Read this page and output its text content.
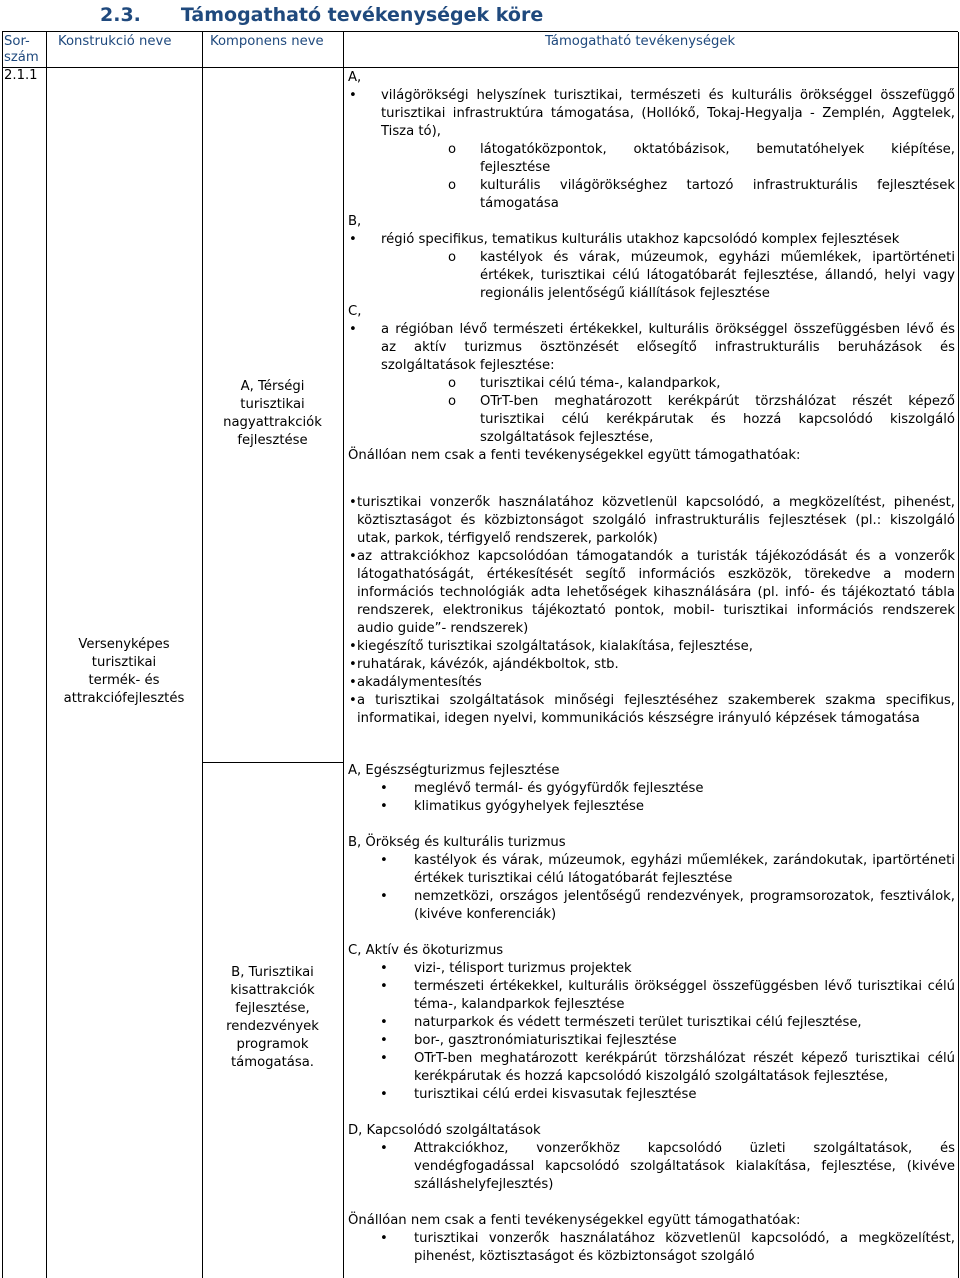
2.3. Támogatható tevékenységek köre
Sor-
szám
Konstrukció neve	Komponens neve	Támogatható tevékenységek
2.1.1
Versenyképes
turisztikai
termék- és
attrakciófejlesztés
A, Térségi
turisztikai
nagyattrakciók
fejlesztése
B, Turisztikai
kisattrakciók
fejlesztése,
rendezvények
programok
támogatása.

A,

• világörökségi helyszínek turisztikai, természeti és kulturális örökséggel összefüggő turisztikai infrastruktúra támogatása, (Hollókő, Tokaj-Hegyalja - Zemplén, Aggtelek, Tisza tó),

o látogatóközpontok, oktatóbázisok, bemutatóhelyek kiépítése, fejlesztése

o kulturális világörökséghez tartozó infrastrukturális fejlesztések támogatása

B,

• régió specifikus, tematikus kulturális utakhoz kapcsolódó komplex fejlesztések

o kastélyok és várak, múzeumok, egyházi műemlékek, ipartörténeti értékek, turisztikai célú látogatóbarát fejlesztése, állandó, helyi vagy regionális jelentőségű kiállítások fejlesztése

C,

• a régióban lévő természeti értékekkel, kulturális örökséggel összefüggésben lévő és az aktív turizmus ösztönzését elősegítő infrastrukturális beruházások és szolgáltatások fejlesztése:

o turisztikai célú téma-, kalandparkok,

o OTrT-ben meghatározott kerékpárút törzshálózat részét képező turisztikai célú kerékpárutak és hozzá kapcsolódó kiszolgáló szolgáltatások fejlesztése,

Önállóan nem csak a fenti tevékenységekkel együtt támogathatóak:

• turisztikai vonzerők használatához közvetlenül kapcsolódó, a megközelítést, pihenést, köztisztaságot és közbiztonságot szolgáló infrastrukturális fejlesztések (pl.: kiszolgáló utak, parkok, térfigyelő rendszerek, parkolók)

• az attrakciókhoz kapcsolódóan támogatandók a turisták tájékozódását és a vonzerők látogathatóságát, értékesítését segítő információs eszközök, törekedve a modern információs technológiák adta lehetőségek kihasználására (pl. infó- és tájékoztató tábla rendszerek, elektronikus tájékoztató pontok, mobil- turisztikai információs rendszerek audio guide”- rendszerek)

• kiegészítő turisztikai szolgáltatások, kialakítása, fejlesztése,

• ruhatárak, kávézók, ajándékboltok, stb.

• akadálymentesítés

• a turisztikai szolgáltatások minőségi fejlesztéséhez szakemberek szakma specifikus, informatikai, idegen nyelvi, kommunikációs készségre irányuló képzések támogatása

A, Egészségturizmus fejlesztése

• meglévő termál- és gyógyfürdők fejlesztése

• klimatikus gyógyhelyek fejlesztése

B, Örökség és kulturális turizmus

• kastélyok és várak, múzeumok, egyházi műemlékek, zarándokutak, ipartörténeti értékek turisztikai célú látogatóbarát fejlesztése

• nemzetközi, országos jelentőségű rendezvények, programsorozatok, fesztiválok,(kivéve konferenciák)

C, Aktív és ökoturizmus

• vizi-, télisport turizmus projektek

• természeti értékekkel, kulturális örökséggel összefüggésben lévő turisztikai célú téma-, kalandparkok fejlesztése

• naturparkok és védett természeti terület turisztikai célú fejlesztése,

• bor-, gasztronómiaturisztikai fejlesztése

• OTrT-ben meghatározott kerékpárút törzshálózat részét képező turisztikai célú kerékpárutak és hozzá kapcsolódó kiszolgáló szolgáltatások fejlesztése,

• turisztikai célú erdei kisvasutak fejlesztése

D, Kapcsolódó szolgáltatások

• Attrakciókhoz, vonzerőkhöz kapcsolódó üzleti szolgáltatások, és vendégfogadással kapcsolódó szolgáltatások kialakítása, fejlesztése, (kivéve szálláshelyfejlesztés)

Önállóan nem csak a fenti tevékenységekkel együtt támogathatóak:

• turisztikai vonzerők használatához közvetlenül kapcsolódó, a megközelítést, pihenést, köztisztaságot és közbiztonságot szolgáló
